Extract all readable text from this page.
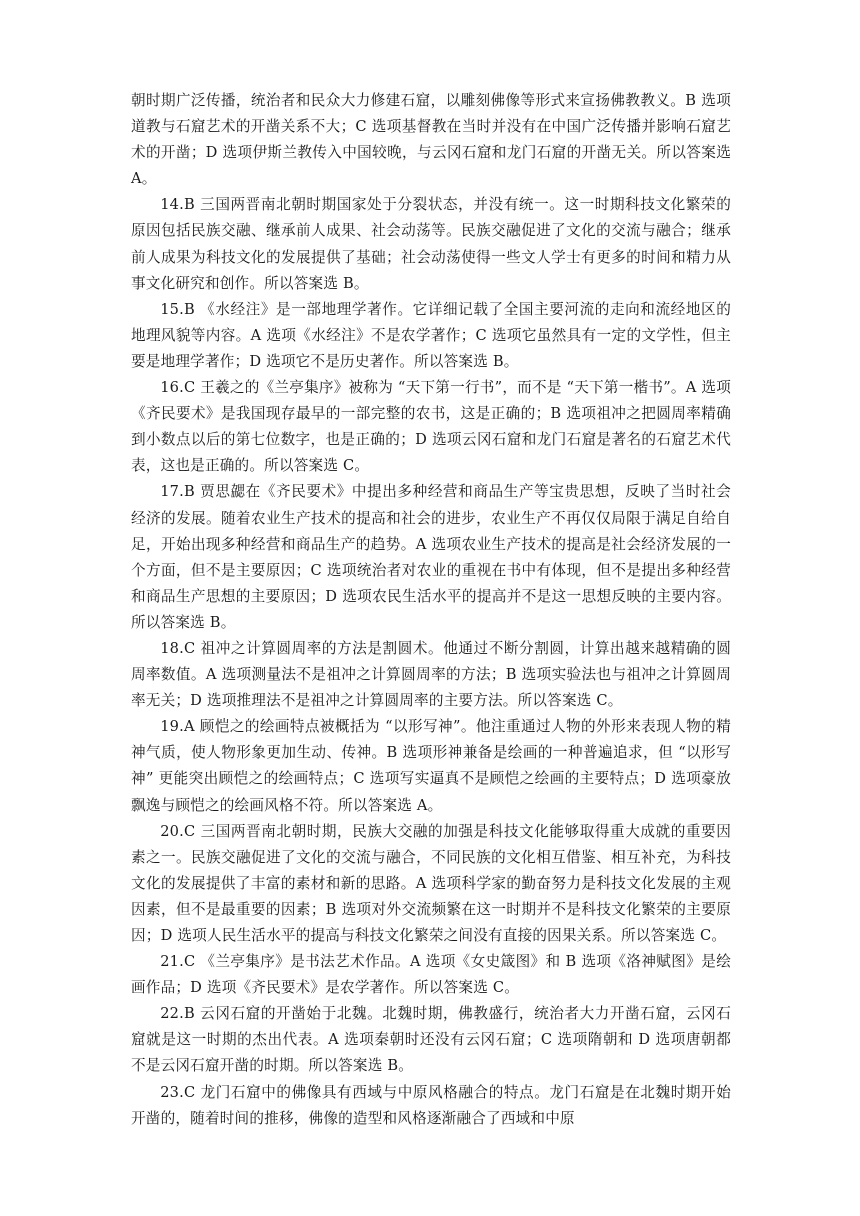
朝时期广泛传播，统治者和民众大力修建石窟，以雕刻佛像等形式来宣扬佛教教义。B 选项道教与石窟艺术的开凿关系不大；C 选项基督教在当时并没有在中国广泛传播并影响石窟艺术的开凿；D 选项伊斯兰教传入中国较晚，与云冈石窟和龙门石窟的开凿无关。所以答案选 A。

14.B 三国两晋南北朝时期国家处于分裂状态，并没有统一。这一时期科技文化繁荣的原因包括民族交融、继承前人成果、社会动荡等。民族交融促进了文化的交流与融合；继承前人成果为科技文化的发展提供了基础；社会动荡使得一些文人学士有更多的时间和精力从事文化研究和创作。所以答案选 B。

15.B 《水经注》是一部地理学著作。它详细记载了全国主要河流的走向和流经地区的地理风貌等内容。A 选项《水经注》不是农学著作；C 选项它虽然具有一定的文学性，但主要是地理学著作；D 选项它不是历史著作。所以答案选 B。

16.C 王羲之的《兰亭集序》被称为 “天下第一行书”，而不是 “天下第一楷书”。A 选项《齐民要术》是我国现存最早的一部完整的农书，这是正确的；B 选项祖冲之把圆周率精确到小数点以后的第七位数字，也是正确的；D 选项云冈石窟和龙门石窟是著名的石窟艺术代表，这也是正确的。所以答案选 C。

17.B 贾思勰在《齐民要术》中提出多种经营和商品生产等宝贵思想，反映了当时社会经济的发展。随着农业生产技术的提高和社会的进步，农业生产不再仅仅局限于满足自给自足，开始出现多种经营和商品生产的趋势。A 选项农业生产技术的提高是社会经济发展的一个方面，但不是主要原因；C 选项统治者对农业的重视在书中有体现，但不是提出多种经营和商品生产思想的主要原因；D 选项农民生活水平的提高并不是这一思想反映的主要内容。所以答案选 B。

18.C 祖冲之计算圆周率的方法是割圆术。他通过不断分割圆，计算出越来越精确的圆周率数值。A 选项测量法不是祖冲之计算圆周率的方法；B 选项实验法也与祖冲之计算圆周率无关；D 选项推理法不是祖冲之计算圆周率的主要方法。所以答案选 C。

19.A 顾恺之的绘画特点被概括为 “以形写神”。他注重通过人物的外形来表现人物的精神气质，使人物形象更加生动、传神。B 选项形神兼备是绘画的一种普遍追求，但 “以形写神” 更能突出顾恺之的绘画特点；C 选项写实逼真不是顾恺之绘画的主要特点；D 选项豪放飘逸与顾恺之的绘画风格不符。所以答案选 A。

20.C 三国两晋南北朝时期，民族大交融的加强是科技文化能够取得重大成就的重要因素之一。民族交融促进了文化的交流与融合，不同民族的文化相互借鉴、相互补充，为科技文化的发展提供了丰富的素材和新的思路。A 选项科学家的勤奋努力是科技文化发展的主观因素，但不是最重要的因素；B 选项对外交流频繁在这一时期并不是科技文化繁荣的主要原因；D 选项人民生活水平的提高与科技文化繁荣之间没有直接的因果关系。所以答案选 C。

21.C 《兰亭集序》是书法艺术作品。A 选项《女史箴图》和 B 选项《洛神赋图》是绘画作品；D 选项《齐民要术》是农学著作。所以答案选 C。

22.B 云冈石窟的开凿始于北魏。北魏时期，佛教盛行，统治者大力开凿石窟，云冈石窟就是这一时期的杰出代表。A 选项秦朝时还没有云冈石窟；C 选项隋朝和 D 选项唐朝都不是云冈石窟开凿的时期。所以答案选 B。

23.C 龙门石窟中的佛像具有西域与中原风格融合的特点。龙门石窟是在北魏时期开始开凿的，随着时间的推移，佛像的造型和风格逐渐融合了西域和中原
